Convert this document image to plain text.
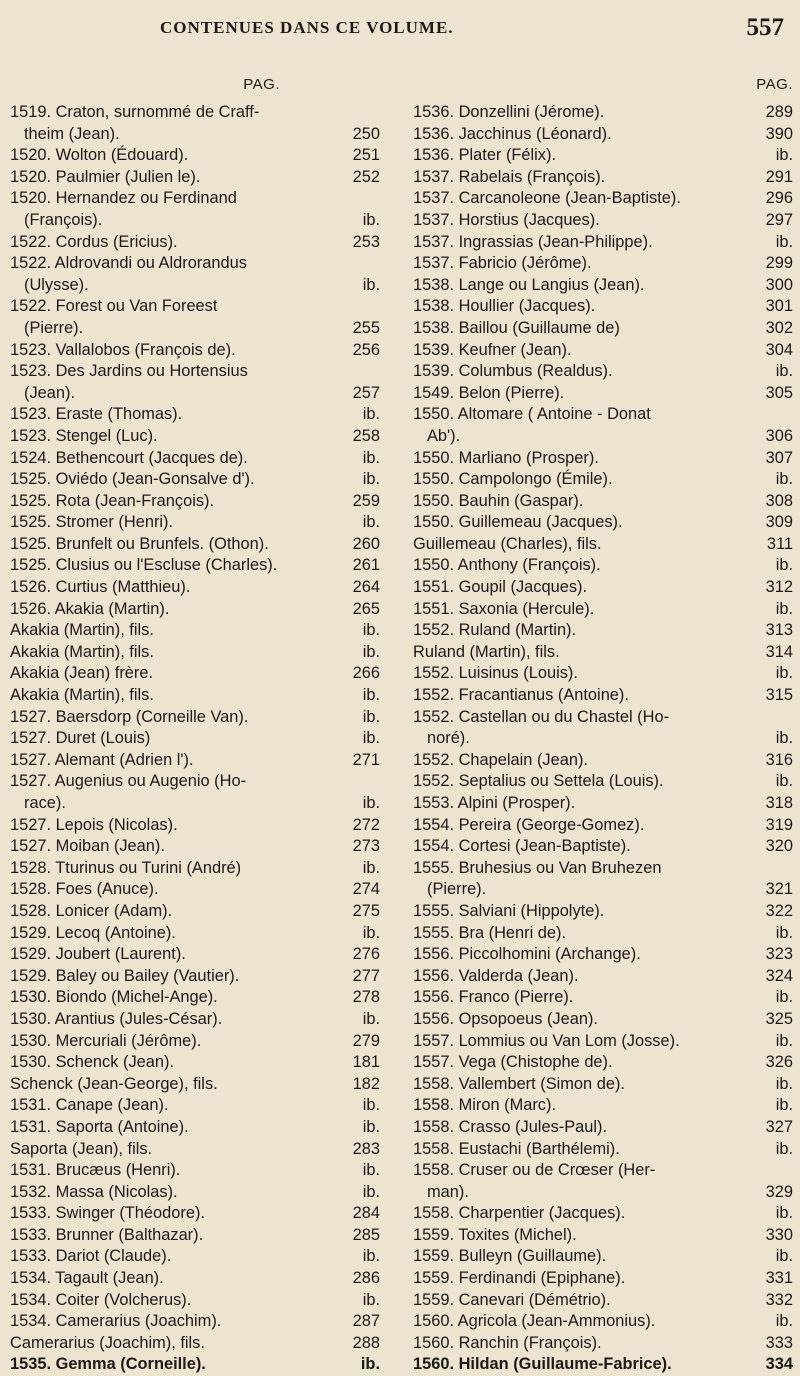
CONTENUES DANS CE VOLUME.	557
PAG.
1519. Craton, surnommé de Craff-
theim (Jean).	250
1520. Wolton (Édouard).	251
1520. Paulmier (Julien le).	252
1520. Hernandez ou Ferdinand
(François).	ib.
1522. Cordus (Ericius).	253
1522. Aldrovandi ou Aldrorandus
(Ulysse).	ib.
1522. Forest ou Van Foreest
(Pierre).	255
1523. Vallalobos (François de).	256
1523. Des Jardins ou Hortensius
(Jean).	257
1523. Eraste (Thomas).	ib.
1523. Stengel (Luc).	258
1524. Bethencourt (Jacques de).	ib.
1525. Oviédo (Jean-Gonsalve d').	ib.
1525. Rota (Jean-François).	259
1525. Stromer (Henri).	ib.
1525. Brunfelt ou Brunfels. (Othon).	260
1525. Clusius ou l'Escluse (Charles).	261
1526. Curtius (Matthieu).	264
1526. Akakia (Martin).	265
Akakia (Martin), fils.	ib.
Akakia (Martin), fils.	ib.
Akakia (Jean) frère.	266
Akakia (Martin), fils.	ib.
1527. Baersdorp (Corneille Van).	ib.
1527. Duret (Louis)	ib.
1527. Alemant (Adrien l').	271
1527. Augenius ou Augenio (Ho-
race).	ib.
1527. Lepois (Nicolas).	272
1527. Moiban (Jean).	273
1528. Tturinus ou Turini (André)	ib.
1528. Foes (Anuce).	274
1528. Lonicer (Adam).	275
1529. Lecoq (Antoine).	ib.
1529. Joubert (Laurent).	276
1529. Baley ou Bailey (Vautier).	277
1530. Biondo (Michel-Ange).	278
1530. Arantius (Jules-César).	ib.
1530. Mercuriali (Jérôme).	279
1530. Schenck (Jean).	181
Schenck (Jean-George), fils.	182
1531. Canape (Jean).	ib.
1531. Saporta (Antoine).	ib.
Saporta (Jean), fils.	283
1531. Brucæus (Henri).	ib.
1532. Massa (Nicolas).	ib.
1533. Swinger (Théodore).	284
1533. Brunner (Balthazar).	285
1533. Dariot (Claude).	ib.
1534. Tagault (Jean).	286
1534. Coiter (Volcherus).	ib.
1534. Camerarius (Joachim).	287
Camerarius (Joachim), fils.	288
1535. Gemma (Corneille).	ib.
PAG.
1536. Donzellini (Jérome).	289
1536. Jacchinus (Léonard).	390
1536. Plater (Félix).	ib.
1537. Rabelais (François).	291
1537. Carcanoleone (Jean-Baptiste).	296
1537. Horstius (Jacques).	297
1537. Ingrassias (Jean-Philippe).	ib.
1537. Fabricio (Jérôme).	299
1538. Lange ou Langius (Jean).	300
1538. Houllier (Jacques).	301
1538. Baillou (Guillaume de)	302
1539. Keufner (Jean).	304
1539. Columbus (Realdus).	ib.
1549. Belon (Pierre).	305
1550. Altomare ( Antoine - Donat
Ab').	306
1550. Marliano (Prosper).	307
1550. Campolongo (Émile).	ib.
1550. Bauhin (Gaspar).	308
1550. Guillemeau (Jacques).	309
Guillemeau (Charles), fils.	311
1550. Anthony (François).	ib.
1551. Goupil (Jacques).	312
1551. Saxonia (Hercule).	ib.
1552. Ruland (Martin).	313
Ruland (Martin), fils.	314
1552. Luisinus (Louis).	ib.
1552. Fracantianus (Antoine).	315
1552. Castellan ou du Chastel (Ho-
noré).	ib.
1552. Chapelain (Jean).	316
1552. Septalius ou Settela (Louis).	ib.
1553. Alpini (Prosper).	318
1554. Pereira (George-Gomez).	319
1554. Cortesi (Jean-Baptiste).	320
1555. Bruhesius ou Van Bruhezen
(Pierre).	321
1555. Salviani (Hippolyte).	322
1555. Bra (Henri de).	ib.
1556. Piccolhomini (Archange).	323
1556. Valderda (Jean).	324
1556. Franco (Pierre).	ib.
1556. Opsopoeus (Jean).	325
1557. Lommius ou Van Lom (Josse).	ib.
1557. Vega (Chistophe de).	326
1558. Vallembert (Simon de).	ib.
1558. Miron (Marc).	ib.
1558. Crasso (Jules-Paul).	327
1558. Eustachi (Barthélemi).	ib.
1558. Cruser ou de Crœser (Her-
man).	329
1558. Charpentier (Jacques).	ib.
1559. Toxites (Michel).	330
1559. Bulleyn (Guillaume).	ib.
1559. Ferdinandi (Epiphane).	331
1559. Canevari (Démétrio).	332
1560. Agricola (Jean-Ammonius).	ib.
1560. Ranchin (François).	333
1560. Hildan (Guillaume-Fabrice).	334
